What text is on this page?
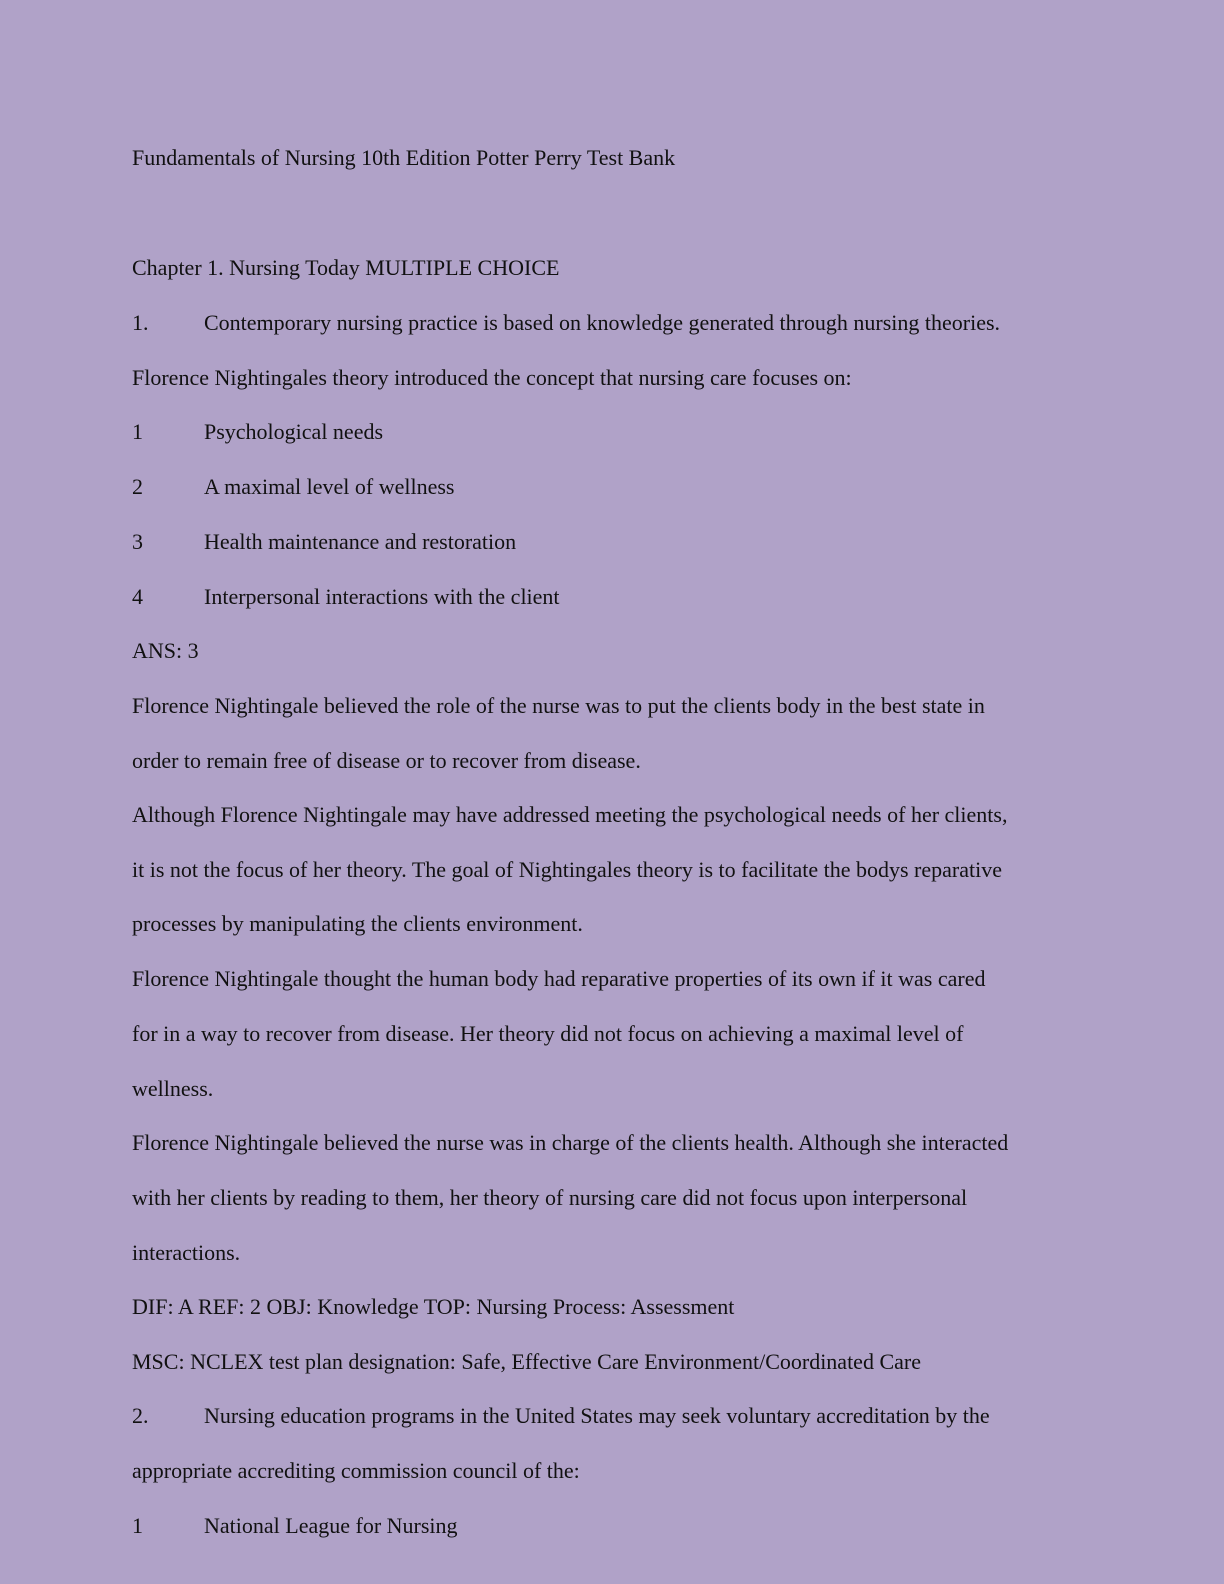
Fundamentals of Nursing 10th Edition Potter Perry Test Bank
Chapter 1. Nursing Today MULTIPLE CHOICE
1.	Contemporary nursing practice is based on knowledge generated through nursing theories.
Florence Nightingales theory introduced the concept that nursing care focuses on:
1	Psychological needs
2	A maximal level of wellness
3	Health maintenance and restoration
4	Interpersonal interactions with the client
ANS: 3
Florence Nightingale believed the role of the nurse was to put the clients body in the best state in
order to remain free of disease or to recover from disease.
Although Florence Nightingale may have addressed meeting the psychological needs of her clients,
it is not the focus of her theory. The goal of Nightingales theory is to facilitate the bodys reparative
processes by manipulating the clients environment.
Florence Nightingale thought the human body had reparative properties of its own if it was cared
for in a way to recover from disease. Her theory did not focus on achieving a maximal level of
wellness.
Florence Nightingale believed the nurse was in charge of the clients health. Although she interacted
with her clients by reading to them, her theory of nursing care did not focus upon interpersonal
interactions.
DIF: A REF: 2 OBJ: Knowledge TOP: Nursing Process: Assessment
MSC: NCLEX test plan designation: Safe, Effective Care Environment/Coordinated Care
2.	Nursing education programs in the United States may seek voluntary accreditation by the
appropriate accrediting commission council of the:
1	National League for Nursing
